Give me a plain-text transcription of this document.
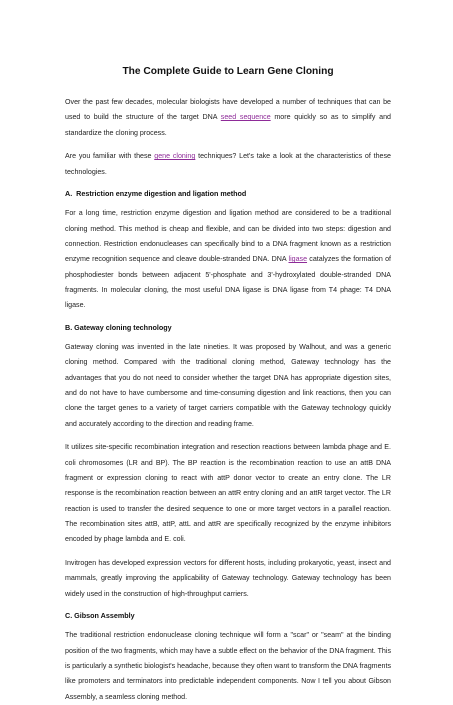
The Complete Guide to Learn Gene Cloning

Over the past few decades, molecular biologists have developed a number of techniques that can be used to build the structure of the target DNA seed sequence more quickly so as to simplify and standardize the cloning process.

Are you familiar with these gene cloning techniques? Let's take a look at the characteristics of these technologies.

A.  Restriction enzyme digestion and ligation method

For a long time, restriction enzyme digestion and ligation method are considered to be a traditional cloning method. This method is cheap and flexible, and can be divided into two steps: digestion and connection. Restriction endonucleases can specifically bind to a DNA fragment known as a restriction enzyme recognition sequence and cleave double-stranded DNA. DNA ligase catalyzes the formation of phosphodiester bonds between adjacent 5'-phosphate and 3'-hydroxylated double-stranded DNA fragments. In molecular cloning, the most useful DNA ligase is DNA ligase from T4 phage: T4 DNA ligase.

B. Gateway cloning technology

Gateway cloning was invented in the late nineties. It was proposed by Walhout, and was a generic cloning method. Compared with the traditional cloning method, Gateway technology has the advantages that you do not need to consider whether the target DNA has appropriate digestion sites, and do not have to have cumbersome and time-consuming digestion and link reactions, then you can clone the target genes to a variety of target carriers compatible with the Gateway technology quickly and accurately according to the direction and reading frame.

It utilizes site-specific recombination integration and resection reactions between lambda phage and E. coli chromosomes (LR and BP). The BP reaction is the recombination reaction to use an attB DNA fragment or expression cloning to react with attP donor vector to create an entry clone. The LR response is the recombination reaction between an attR entry cloning and an attR target vector. The LR reaction is used to transfer the desired sequence to one or more target vectors in a parallel reaction. The recombination sites attB, attP, attL and attR are specifically recognized by the enzyme inhibitors encoded by phage lambda and E. coli.

Invitrogen has developed expression vectors for different hosts, including prokaryotic, yeast, insect and mammals, greatly improving the applicability of Gateway technology. Gateway technology has been widely used in the construction of high-throughput carriers.

C. Gibson Assembly

The traditional restriction endonuclease cloning technique will form a "scar" or "seam" at the binding position of the two fragments, which may have a subtle effect on the behavior of the DNA fragment. This is particularly a synthetic biologist's headache, because they often want to transform the DNA fragments like promoters and terminators into predictable independent components. Now I tell you about Gibson Assembly, a seamless cloning method.
